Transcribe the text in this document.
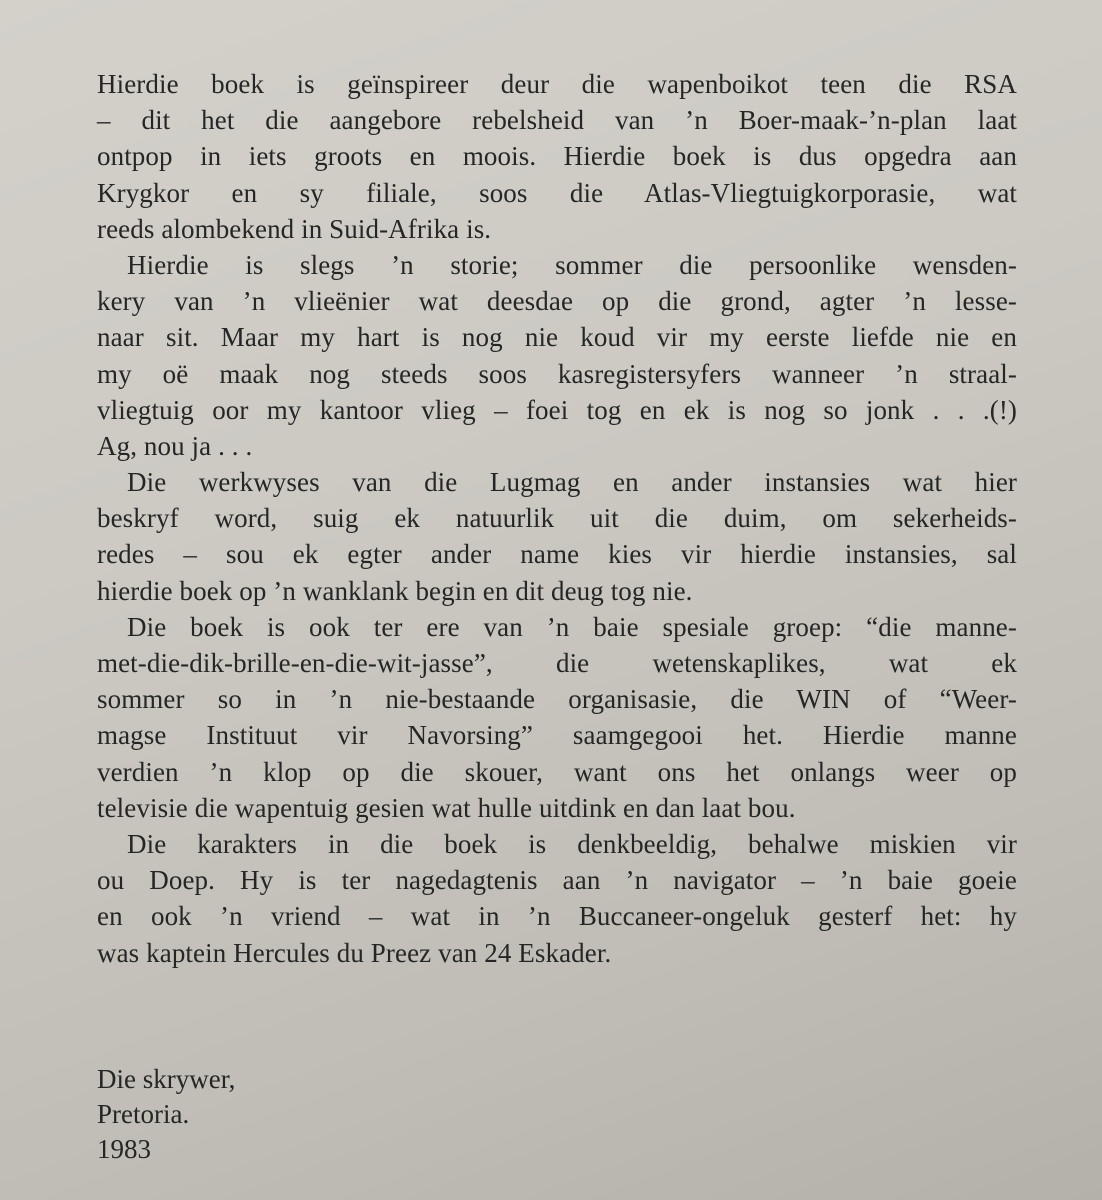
Hierdie boek is geïnspireer deur die wapenboikot teen die RSA
– dit het die aangebore rebelsheid van ’n Boer-maak-’n-plan laat
ontpop in iets groots en moois. Hierdie boek is dus opgedra aan
Krygkor en sy filiale, soos die Atlas-Vliegtuigkorporasie, wat
reeds alombekend in Suid-Afrika is.
Hierdie is slegs ’n storie; sommer die persoonlike wensden-
kery van ’n vlieënier wat deesdae op die grond, agter ’n lesse-
naar sit. Maar my hart is nog nie koud vir my eerste liefde nie en
my oë maak nog steeds soos kasregistersyfers wanneer ’n straal-
vliegtuig oor my kantoor vlieg – foei tog en ek is nog so jonk . . .(!)
Ag, nou ja . . .
Die werkwyses van die Lugmag en ander instansies wat hier
beskryf word, suig ek natuurlik uit die duim, om sekerheids-
redes – sou ek egter ander name kies vir hierdie instansies, sal
hierdie boek op ’n wanklank begin en dit deug tog nie.
Die boek is ook ter ere van ’n baie spesiale groep: “die manne-
met-die-dik-brille-en-die-wit-jasse”, die wetenskaplikes, wat ek
sommer so in ’n nie-bestaande organisasie, die WIN of “Weer-
magse Instituut vir Navorsing” saamgegooi het. Hierdie manne
verdien ’n klop op die skouer, want ons het onlangs weer op
televisie die wapentuig gesien wat hulle uitdink en dan laat bou.
Die karakters in die boek is denkbeeldig, behalwe miskien vir
ou Doep. Hy is ter nagedagtenis aan ’n navigator – ’n baie goeie
en ook ’n vriend – wat in ’n Buccaneer-ongeluk gesterf het: hy
was kaptein Hercules du Preez van 24 Eskader.
Die skrywer,
Pretoria.
1983
